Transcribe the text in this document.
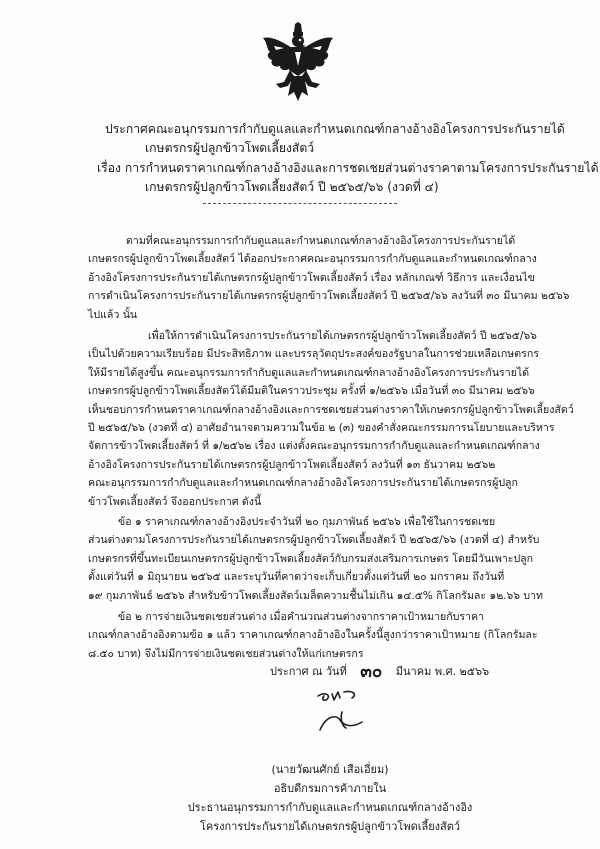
ประกาศคณะอนุกรรมการกำกับดูแลและกำหนดเกณฑ์กลางอ้างอิงโครงการประกันรายได้
เกษตรกรผู้ปลูกข้าวโพดเลี้ยงสัตว์
เรื่อง การกำหนดราคาเกณฑ์กลางอ้างอิงและการชดเชยส่วนต่างราคาตามโครงการประกันรายได้
เกษตรกรผู้ปลูกข้าวโพดเลี้ยงสัตว์ ปี ๒๕๖๕/๖๖ (งวดที่ ๔)
ตามที่คณะอนุกรรมการกำกับดูแลและกำหนดเกณฑ์กลางอ้างอิงโครงการประกันรายได้
เกษตรกรผู้ปลูกข้าวโพดเลี้ยงสัตว์ ได้ออกประกาศคณะอนุกรรมการกำกับดูแลและกำหนดเกณฑ์กลาง
อ้างอิงโครงการประกันรายได้เกษตรกรผู้ปลูกข้าวโพดเลี้ยงสัตว์ เรื่อง หลักเกณฑ์ วิธีการ และเงื่อนไข
การดำเนินโครงการประกันรายได้เกษตรกรผู้ปลูกข้าวโพดเลี้ยงสัตว์ ปี ๒๕๖๕/๖๖ ลงวันที่ ๓๐ มีนาคม ๒๕๖๖
ไปแล้ว นั้น
เพื่อให้การดำเนินโครงการประกันรายได้เกษตรกรผู้ปลูกข้าวโพดเลี้ยงสัตว์ ปี ๒๕๖๕/๖๖
เป็นไปด้วยความเรียบร้อย มีประสิทธิภาพ และบรรลุวัตถุประสงค์ของรัฐบาลในการช่วยเหลือเกษตรกร
ให้มีรายได้สูงขึ้น คณะอนุกรรมการกำกับดูแลและกำหนดเกณฑ์กลางอ้างอิงโครงการประกันรายได้
เกษตรกรผู้ปลูกข้าวโพดเลี้ยงสัตว์ได้มีมติในคราวประชุม ครั้งที่ ๑/๒๕๖๖ เมื่อวันที่ ๓๐ มีนาคม ๒๕๖๖
เห็นชอบการกำหนดราคาเกณฑ์กลางอ้างอิงและการชดเชยส่วนต่างราคาให้เกษตรกรผู้ปลูกข้าวโพดเลี้ยงสัตว์
ปี ๒๕๖๕/๖๖ (งวดที่ ๔) อาศัยอำนาจตามความในข้อ ๒ (๓) ของคำสั่งคณะกรรมการนโยบายและบริหาร
จัดการข้าวโพดเลี้ยงสัตว์ ที่ ๑/๒๕๖๒ เรื่อง แต่งตั้งคณะอนุกรรมการกำกับดูแลและกำหนดเกณฑ์กลาง
อ้างอิงโครงการประกันรายได้เกษตรกรผู้ปลูกข้าวโพดเลี้ยงสัตว์ ลงวันที่ ๑๓ ธันวาคม ๒๕๖๒
คณะอนุกรรมการกำกับดูแลและกำหนดเกณฑ์กลางอ้างอิงโครงการประกันรายได้เกษตรกรผู้ปลูก
ข้าวโพดเลี้ยงสัตว์ จึงออกประกาศ ดังนี้
ข้อ ๑ ราคาเกณฑ์กลางอ้างอิงประจำวันที่ ๒๐ กุมภาพันธ์ ๒๕๖๖ เพื่อใช้ในการชดเชย
ส่วนต่างตามโครงการประกันรายได้เกษตรกรผู้ปลูกข้าวโพดเลี้ยงสัตว์ ปี ๒๕๖๕/๖๖ (งวดที่ ๔) สำหรับ
เกษตรกรที่ขึ้นทะเบียนเกษตรกรผู้ปลูกข้าวโพดเลี้ยงสัตว์กับกรมส่งเสริมการเกษตร โดยมีวันเพาะปลูก
ตั้งแต่วันที่ ๑ มิถุนายน ๒๕๖๕ และระบุวันที่คาดว่าจะเก็บเกี่ยวตั้งแต่วันที่ ๒๐ มกราคม ถึงวันที่
๑๙ กุมภาพันธ์ ๒๕๖๖ สำหรับข้าวโพดเลี้ยงสัตว์เมล็ดความชื้นไม่เกิน ๑๔.๕% กิโลกรัมละ ๑๒.๖๖ บาท
ข้อ ๒ การจ่ายเงินชดเชยส่วนต่าง เมื่อคำนวณส่วนต่างจากราคาเป้าหมายกับราคา
เกณฑ์กลางอ้างอิงตามข้อ ๑ แล้ว ราคาเกณฑ์กลางอ้างอิงในครั้งนี้สูงกว่าราคาเป้าหมาย (กิโลกรัมละ
๘.๕๐ บาท) จึงไม่มีการจ่ายเงินชดเชยส่วนต่างให้แก่เกษตรกร
ประกาศ ณ วันที่ ๓๐ มีนาคม พ.ศ. ๒๕๖๖
(นายวัฒนศักย์ เสือเอี่ยม)
อธิบดีกรมการค้าภายใน
ประธานอนุกรรมการกำกับดูแลและกำหนดเกณฑ์กลางอ้างอิง
โครงการประกันรายได้เกษตรกรผู้ปลูกข้าวโพดเลี้ยงสัตว์
